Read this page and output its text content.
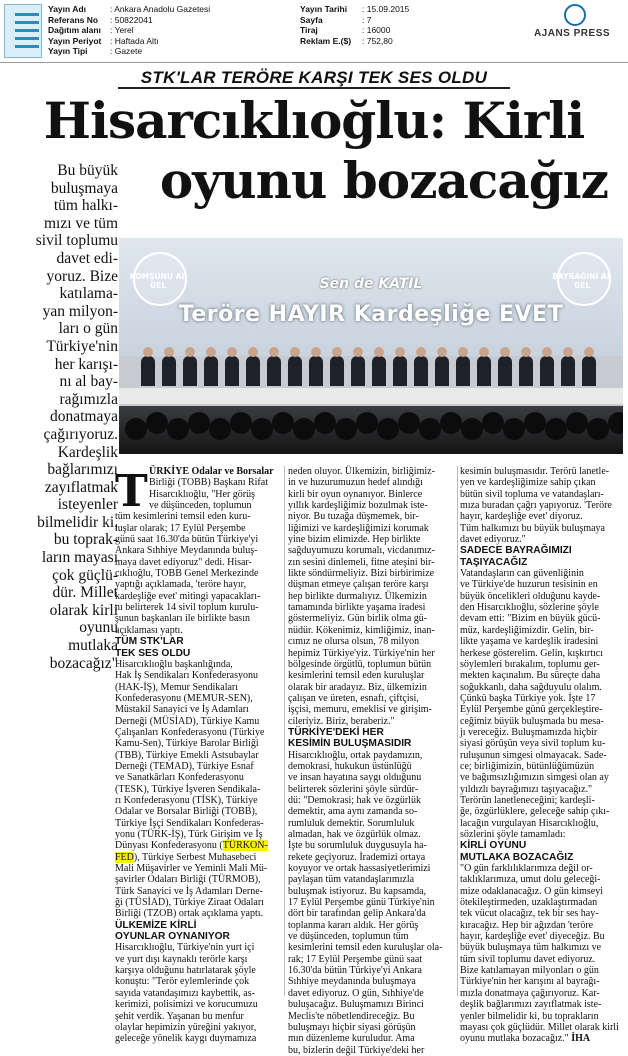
Yayın Adı	: Ankara Anadolu Gazetesi
Referans No : 50822041
Dağıtım alanı : Yerel
Yayın Periyot : Haftada Altı
Yayın Tipi	: Gazete
Yayın Tarihi : 15.09.2015
Sayfa	: 7
Tiraj	: 16000
Reklam E.($) : 752,80
AJANS PRESS
STK'LAR TERÖRE KARŞI TEK SES OLDU
Hisarcıklıoğlu: Kirli
oyunu bozacağız
Bu büyük
buluşmaya
tüm halkı-
mızı ve tüm
sivil toplumu
davet edi-
yoruz. Bize
katılama-
yan milyon-
ları o gün
Türkiye'nin
her karışı-
nı al bay-
rağımızla
donatmaya
çağırıyoruz.
Kardeşlik
bağlarımızı
zayıflatmak
isteyenler
bilmelidir ki,
bu toprak-
ların mayası
çok güçlü-
dür. Millet
olarak kirli
oyunu
mutlaka
bozacağız"
KOMŞUNU AL GEL
BAYRAĞINI AL GEL
Sen de KATIL
Teröre HAYIR Kardeşliğe EVET
T ÜRKİYE Odalar ve Borsalar
Birliği (TOBB) Başkanı Rifat
Hisarcıklıoğlu, "Her görüş
ve düşünceden, toplumun
tüm kesimlerini temsil eden kuru-
luşlar olarak; 17 Eylül Perşembe
günü saat 16.30'da bütün Türkiye'yi
Ankara Sıhhiye Meydanında buluş-
maya davet ediyoruz" dedi. Hisar-
cıklıoğlu, TOBB Genel Merkezinde
yaptığı açıklamada, 'teröre hayır,
kardeşliğe evet' mitingi yapacakları-
nı belirterek 14 sivil toplum kurulu-
şunun başkanları ile birlikte basın
açıklaması yaptı.
TÜM STK'LAR
TEK SES OLDU
Hisarcıklıoğlu başkanlığında,
Hak İş Sendikaları Konfederasyonu
(HAK-İŞ), Memur Sendikaları
Konfederasyonu (MEMUR-SEN),
Müstakil Sanayici ve İş Adamları
Derneği (MÜSİAD), Türkiye Kamu
Çalışanları Konfederasyonu (Türkiye
Kamu-Sen), Türkiye Barolar Birliği
(TBB), Türkiye Emekli Astsubaylar
Derneği (TEMAD), Türkiye Esnaf
ve Sanatkârları Konfederasyonu
(TESK), Türkiye İşveren Sendikala-
rı Konfederasyonu (TİSK), Türkiye
Odalar ve Borsalar Birliği (TOBB),
Türkiye İşçi Sendikaları Konfederas-
yonu (TÜRK-İŞ), Türk Girişim ve İş
Dünyası Konfederasyonu (TÜRKON-
FED), Türkiye Serbest Muhasebeci
Mali Müşavirler ve Yeminli Mali Mü-
şavirler Odaları Birliği (TÜRMOB),
Türk Sanayici ve İş Adamları Derne-
ği (TÜSİAD), Türkiye Ziraat Odaları
Birliği (TZOB) ortak açıklama yaptı.
ÜLKEMİZE KİRLİ
OYUNLAR OYNANIYOR
Hisarcıklıoğlu, Türkiye'nin yurt içi
ve yurt dışı kaynaklı terörle karşı
karşıya olduğunu hatırlatarak şöyle
konuştu: "Terör eylemlerinde çok
sayıda vatandaşımızı kaybettik, as-
kerimizi, polisimizi ve korucumuzu
şehit verdik. Yaşanan bu menfur
olaylar hepimizin yüreğini yakıyor,
geleceğe yönelik kaygı duymamıza
neden oluyor. Ülkemizin, birliğimiz-
in ve huzurumuzun hedef alındığı
kirli bir oyun oynanıyor. Binlerce
yıllık kardeşliğimiz bozulmak iste-
niyor. Bu tuzağa düşmemek, bir-
liğimizi ve kardeşliğimizi korumak
yine bizim elimizde. Hep birlikte
sağduyumuzu korumalı, vicdanımız-
zın sesini dinlemeli, fitne ateşini bir-
likte söndürmeliyiz. Bizi birbirimize
düşman etmeye çalışan teröre karşı
hep birlikte durmalıyız. Ülkemizin
tamamında birlikte yaşama iradesi
göstermeliyiz. Gün birlik olma gü-
nüdür. Kökenimiz, kimliğimiz, inan-
cımız ne olursa olsun, 78 milyon
hepimiz Türkiye'yiz. Türkiye'nin her
bölgesinde örgütlü, toplumun bütün
kesimlerini temsil eden kuruluşlar
olarak bir aradayız. Biz, ülkemizin
çalışan ve üreten, esnafı, çiftçisi,
işçisi, memuru, emeklisi ve girişim-
cileriyiz. Biriz, beraberiz."
TÜRKİYE'DEKİ HER
KESİMİN BULUŞMASIDIR
Hisarcıklıoğlu, ortak paydamızın,
demokrasi, hukukun üstünlüğü
ve insan hayatına saygı olduğunu
belirterek sözlerini şöyle sürdür-
dü: "Demokrasi; hak ve özgürlük
demektir, ama aynı zamanda so-
rumluluk demektir. Sorumluluk
almadan, hak ve özgürlük olmaz.
İşte bu sorumluluk duygusuyla ha-
rekete geçiyoruz. İrademizi ortaya
koyuyor ve ortak hassasiyetlerimizi
paylaşan tüm vatandaşlarımızla
buluşmak istiyoruz. Bu kapsamda,
17 Eylül Perşembe günü Türkiye'nin
dört bir tarafından gelip Ankara'da
toplanma kararı aldık. Her görüş
ve düşünceden, toplumun tüm
kesimlerini temsil eden kuruluşlar ola-
rak; 17 Eylül Perşembe günü saat
16.30'da bütün Türkiye'yi Ankara
Sıhhiye meydanında buluşmaya
davet ediyoruz. O gün, Sıhhiye'de
buluşacağız. Buluşmamızı Birinci
Meclis'te nöbetlendireceğiz. Bu
buluşmayı hiçbir siyasi görüşün
mın düzenleme kuruludur. Ama
bu, bizlerin değil Türkiye'deki her
kesimin buluşmasıdır. Terörü lanetle-
yen ve kardeşliğimize sahip çıkan
bütün sivil topluma ve vatandaşları-
mıza buradan çağrı yapıyoruz. 'Teröre
hayır, kardeşliğe evet' diyoruz.
Tüm halkımızı bu büyük buluşmaya
davet ediyoruz."
SADECE BAYRAĞIMIZI
TAŞIYACAĞIZ
Vatandaşların can güvenliğinin
ve Türkiye'de huzurun tesisinin en
büyük öncelikleri olduğunu kayde-
den Hisarcıklıoğlu, sözlerine şöyle
devam etti: "Bizim en büyük gücü-
müz, kardeşliğimizdir. Gelin, bir-
likte yaşama ve kardeşlik iradesini
herkese gösterelim. Gelin, kışkırtıcı
söylemleri bırakalım, toplumu ger-
mekten kaçınalım. Bu süreçte daha
soğukkanlı, daha sağduyulu olalım.
Çünkü başka Türkiye yok. İşte 17
Eylül Perşembe günü gerçekleştire-
ceğimiz büyük buluşmada bu mesa-
jı vereceğiz. Buluşmamızda hiçbir
siyasi görüşün veya sivil toplum ku-
ruluşunun simgesi olmayacak. Sade-
ce; birliğimizin, bütünlüğümüzün
ve bağımsızlığımızın simgesi olan ay
yıldızlı bayrağımızı taşıyacağız."
Terörün lanetleneceğini; kardeşli-
ğe, özgürlüklere, geleceğe sahip çıkı-
lacağın vurgulayan Hisarcıklıoğlu,
sözlerini şöyle tamamladı:
KİRLİ OYUNU
MUTLAKA BOZACAĞIZ
"O gün farklılıklarımıza değil or-
taklıklarımıza, umut dolu geleceği-
mize odaklanacağız. O gün kimseyi
ötekileştirmeden, uzaklaştırmadan
tek vücut olacağız, tek bir ses hay-
kıracağız. Hep bir ağızdan 'teröre
hayır, kardeşliğe evet' diyeceğiz. Bu
büyük buluşmaya tüm halkımızı ve
tüm sivil toplumu davet ediyoruz.
Bize katılamayan milyonları o gün
Türkiye'nin her karışını al bayrağı-
mızla donatmaya çağırıyoruz. Kar-
deşlik bağlarımızı zayıflatmak iste-
yenler bilmelidir ki, bu toprakların
mayası çok güçlüdür. Millet olarak kirli
oyunu mutlaka bozacağız." İHA
